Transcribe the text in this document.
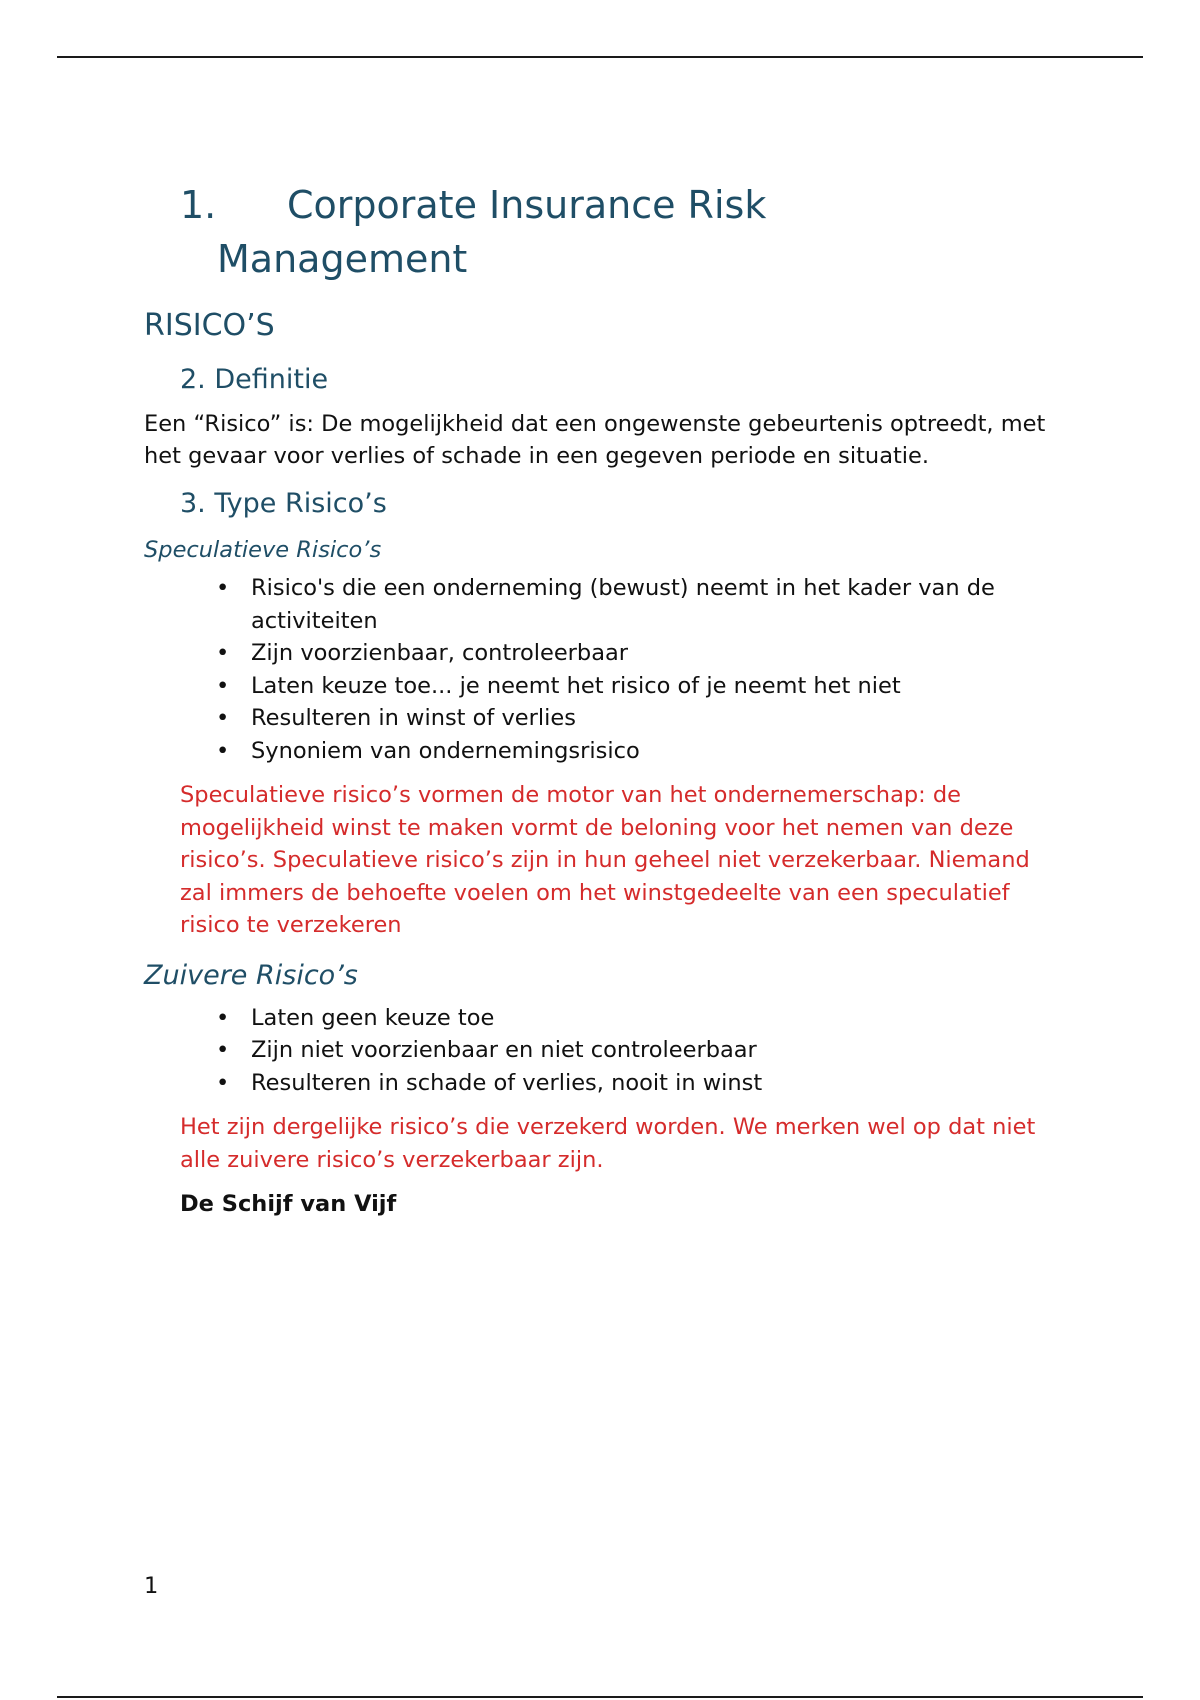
1. Corporate Insurance Risk
Management
RISICO’S
2. Definitie

Een “Risico” is: De mogelijkheid dat een ongewenste gebeurtenis optreedt, met het gevaar voor verlies of schade in een gegeven periode en situatie.

3. Type Risico’s
Speculatieve Risico’s
• Risico's die een onderneming (bewust) neemt in het kader van de activiteiten
• Zijn voorzienbaar, controleerbaar
• Laten keuze toe... je neemt het risico of je neemt het niet
• Resulteren in winst of verlies
• Synoniem van ondernemingsrisico

Speculatieve risico’s vormen de motor van het ondernemerschap: de mogelijkheid winst te maken vormt de beloning voor het nemen van deze risico’s. Speculatieve risico’s zijn in hun geheel niet verzekerbaar. Niemand zal immers de behoefte voelen om het winstgedeelte van een speculatief risico te verzekeren

Zuivere Risico’s
• Laten geen keuze toe
• Zijn niet voorzienbaar en niet controleerbaar
• Resulteren in schade of verlies, nooit in winst

Het zijn dergelijke risico’s die verzekerd worden. We merken wel op dat niet alle zuivere risico’s verzekerbaar zijn.

De Schijf van Vijf

1
